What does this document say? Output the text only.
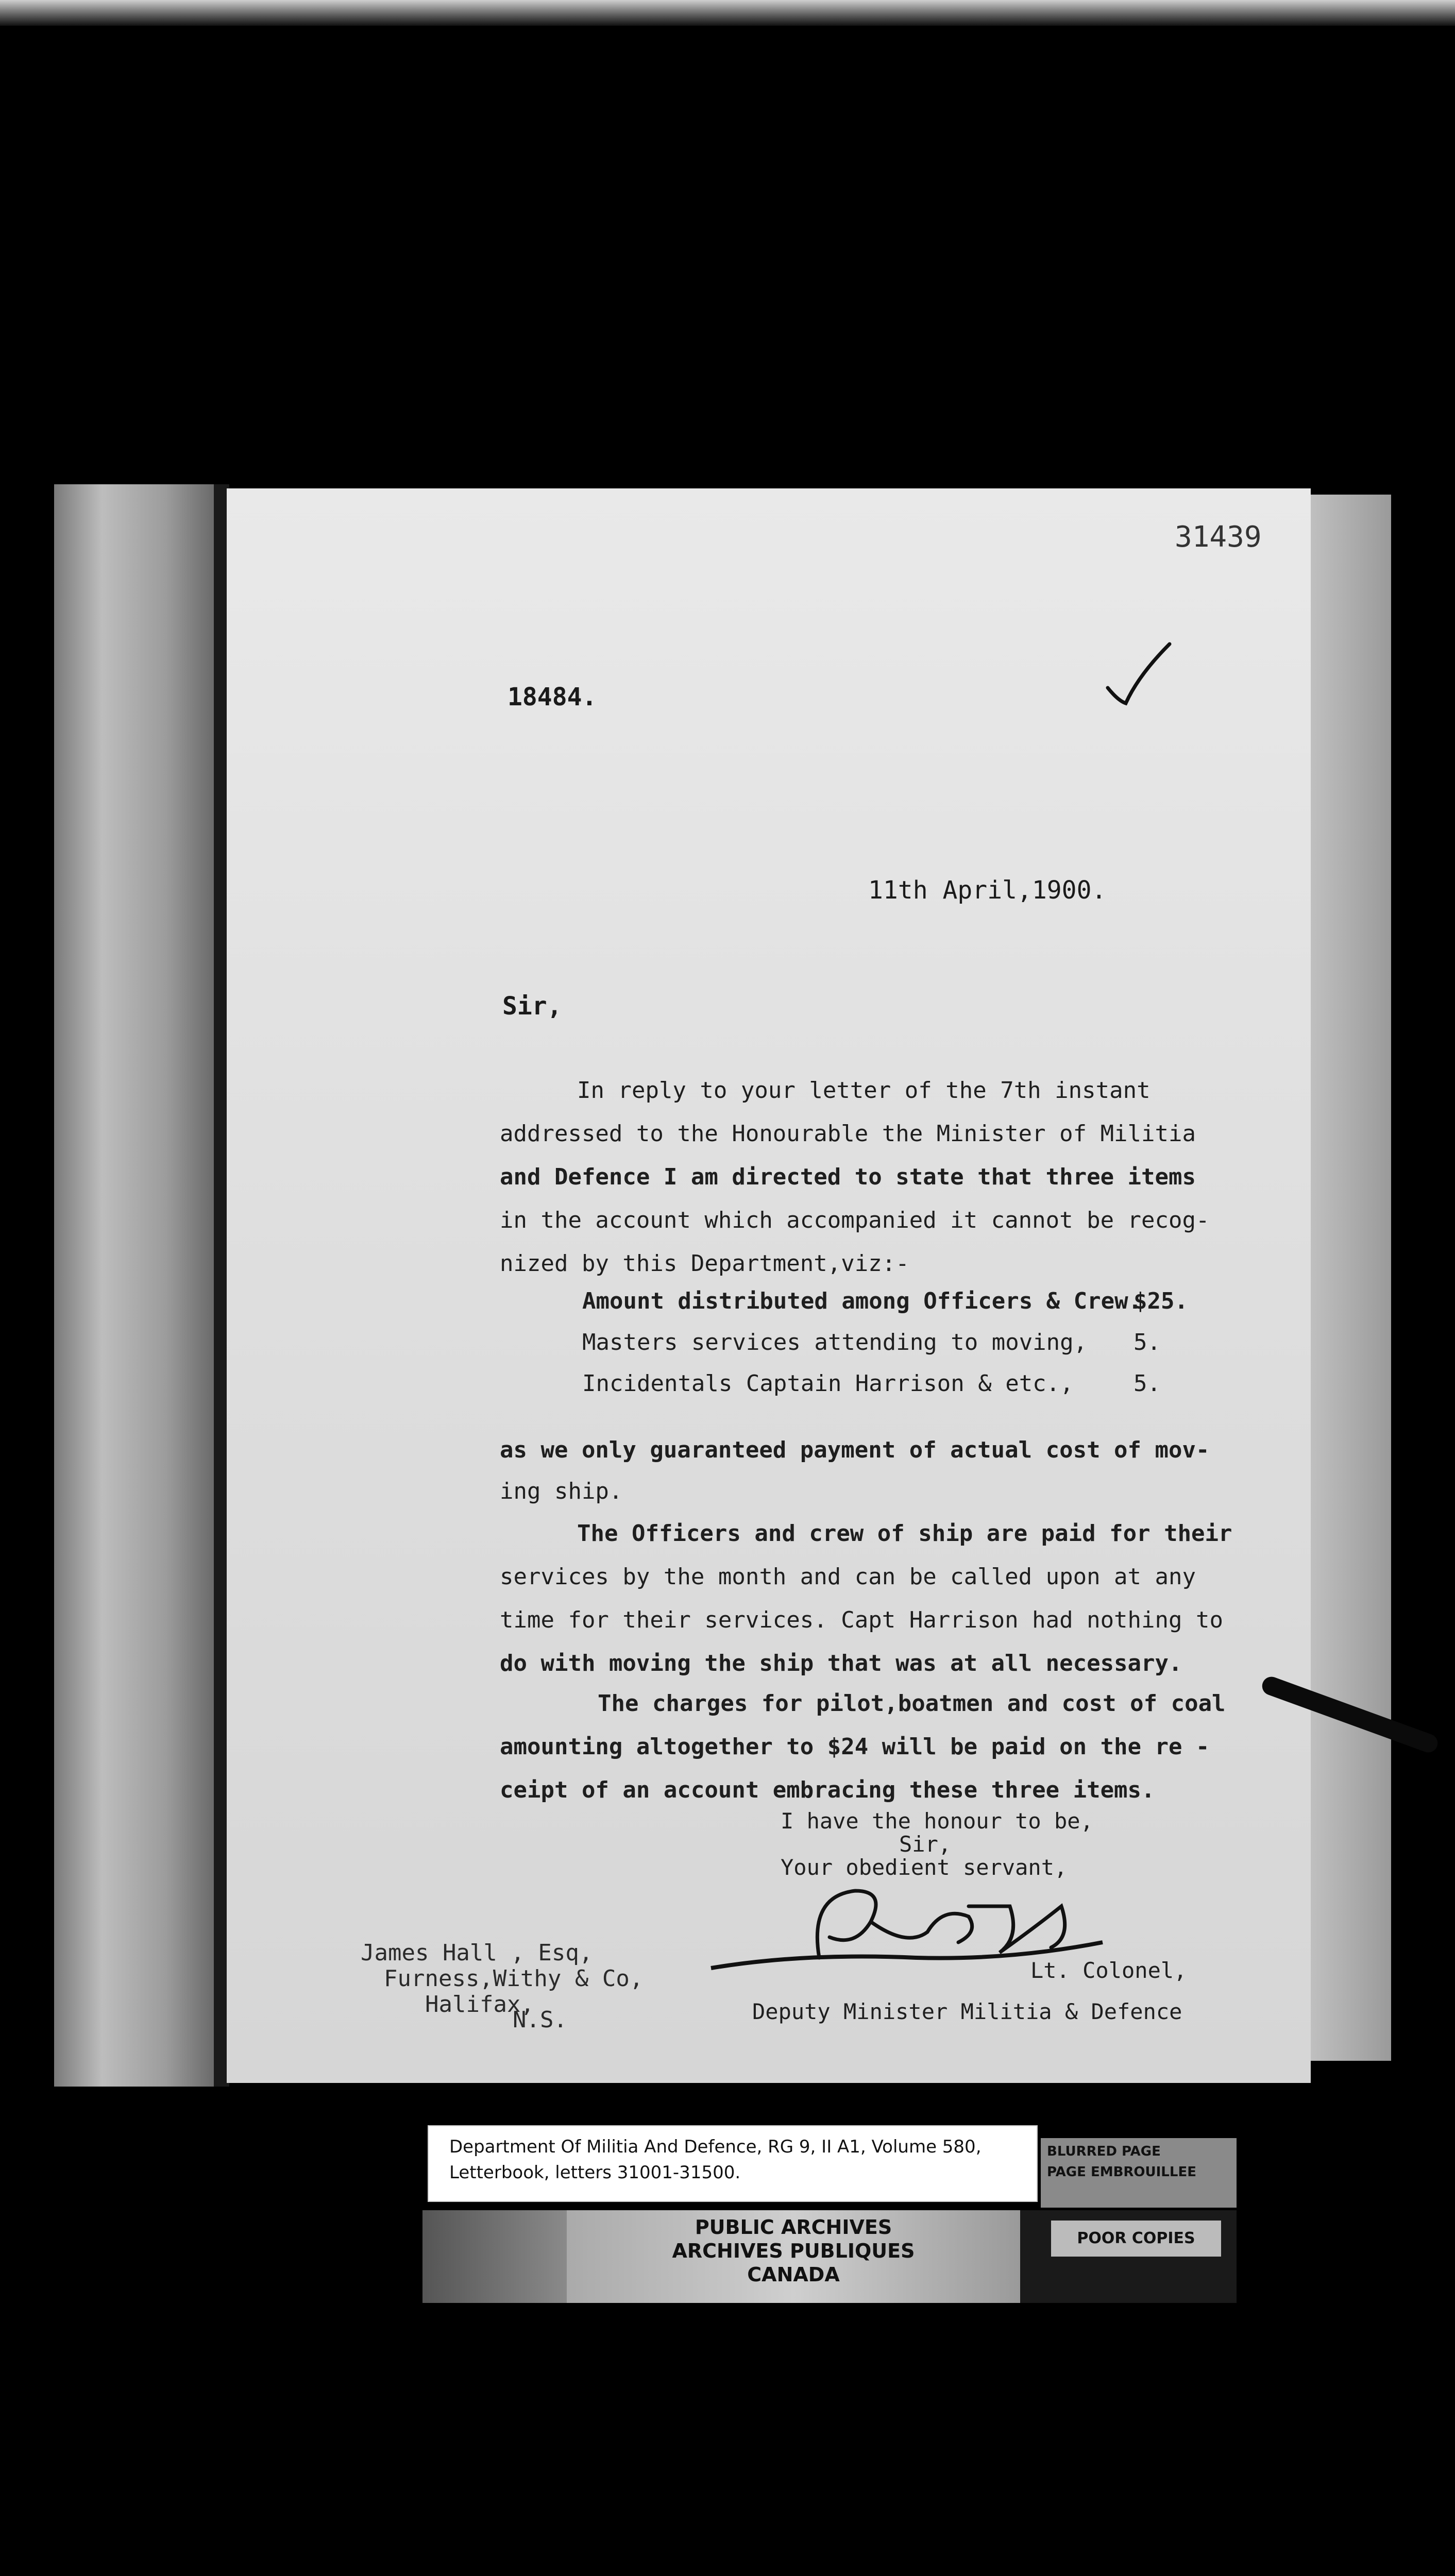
31439
18484.
11th April,1900.
Sir,
In reply to your letter of the 7th instant
addressed to the Honourable the Minister of Militia
and Defence I am directed to state that three items
in the account which accompanied it cannot be recog-
nized by this Department,viz:-
Amount distributed among Officers & Crew.$25.
Masters services attending to moving, 5.
Incidentals Captain Harrison & etc.,	5.
as we only guaranteed payment of actual cost of mov-
ing ship.
The Officers and crew of ship are paid for their
services by the month and can be called upon at any
time for their services. Capt Harrison had nothing to
do with moving the ship that was at all necessary.
The charges for pilot,boatmen and cost of coal
amounting altogether to $24 will be paid on the re -
ceipt of an account embracing these three items.
I have the honour to be,
Sir,
Your obedient servant,
Lt. Colonel,
Deputy Minister Militia & Defence
James Hall , Esq,
Furness,Withy & Co,
Halifax,
N.S.
Department Of Militia And Defence, RG 9, II A1, Volume 580,
Letterbook, letters 31001-31500.
BLURRED PAGE
PAGE EMBROUILLEE
PUBLIC ARCHIVES
ARCHIVES PUBLIQUES
CANADA
POOR COPIES
